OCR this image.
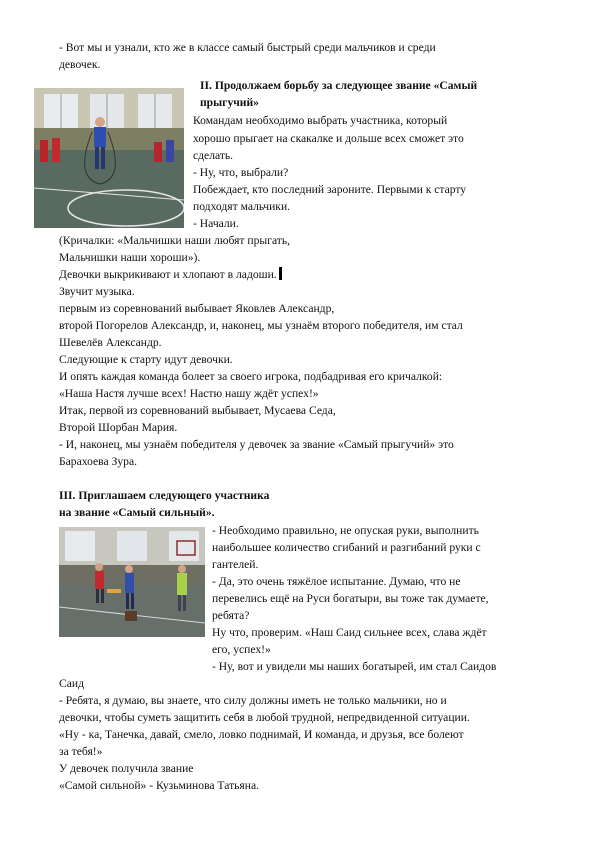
- Вот мы и узнали, кто же в классе самый быстрый среди мальчиков и среди
девочек.
II. Продолжаем борьбу за следующее звание «Самый
прыгучий»
Командам необходимо выбрать участника, который
хорошо прыгает на скакалке и дольше всех сможет это
сделать.
- Ну, что, выбрали?
Побеждает, кто последний зароните. Первыми к старту
подходят мальчики.
- Начали.
(Кричалки: «Мальчишки наши любят прыгать,
Мальчишки наши хороши»).
Девочки выкрикивают и хлопают в ладоши.
Звучит музыка.
первым из соревнований выбывает Яковлев Александр,
второй Погорелов Александр, и, наконец, мы узнаём второго победителя, им стал
Шевелёв Александр.
Следующие к старту идут девочки.
И опять каждая команда болеет за своего игрока, подбадривая его кричалкой:
«Наша Настя лучше всех! Настю нашу ждёт успех!»
Итак, первой из соревнований выбывает, Мусаева Седа,
Второй Шорбан Мария.
- И, наконец, мы узнаём победителя у девочек за звание «Самый прыгучий» это
Барахоева Зура.
III. Приглашаем следующего участника
на звание «Самый сильный».
- Необходимо правильно, не опуская руки, выполнить
наибольшее количество сгибаний и разгибаний руки с
гантелей.
- Да, это очень тяжёлое испытание. Думаю, что не
перевелись ещё на Руси богатыри, вы тоже так думаете,
ребята?
Ну что, проверим. «Наш Саид сильнее всех, слава ждёт
его, успех!»
- Ну, вот и увидели мы наших богатырей, им стал Саидов
Саид
- Ребята, я думаю, вы знаете, что силу должны иметь не только мальчики, но и
девочки, чтобы суметь защитить себя в любой трудной, непредвиденной ситуации.
«Ну - ка, Танечка, давай, смело, ловко поднимай, И команда, и друзья, все болеют
за тебя!»
У девочек получила звание
«Самой сильной» - Кузьминова Татьяна.
